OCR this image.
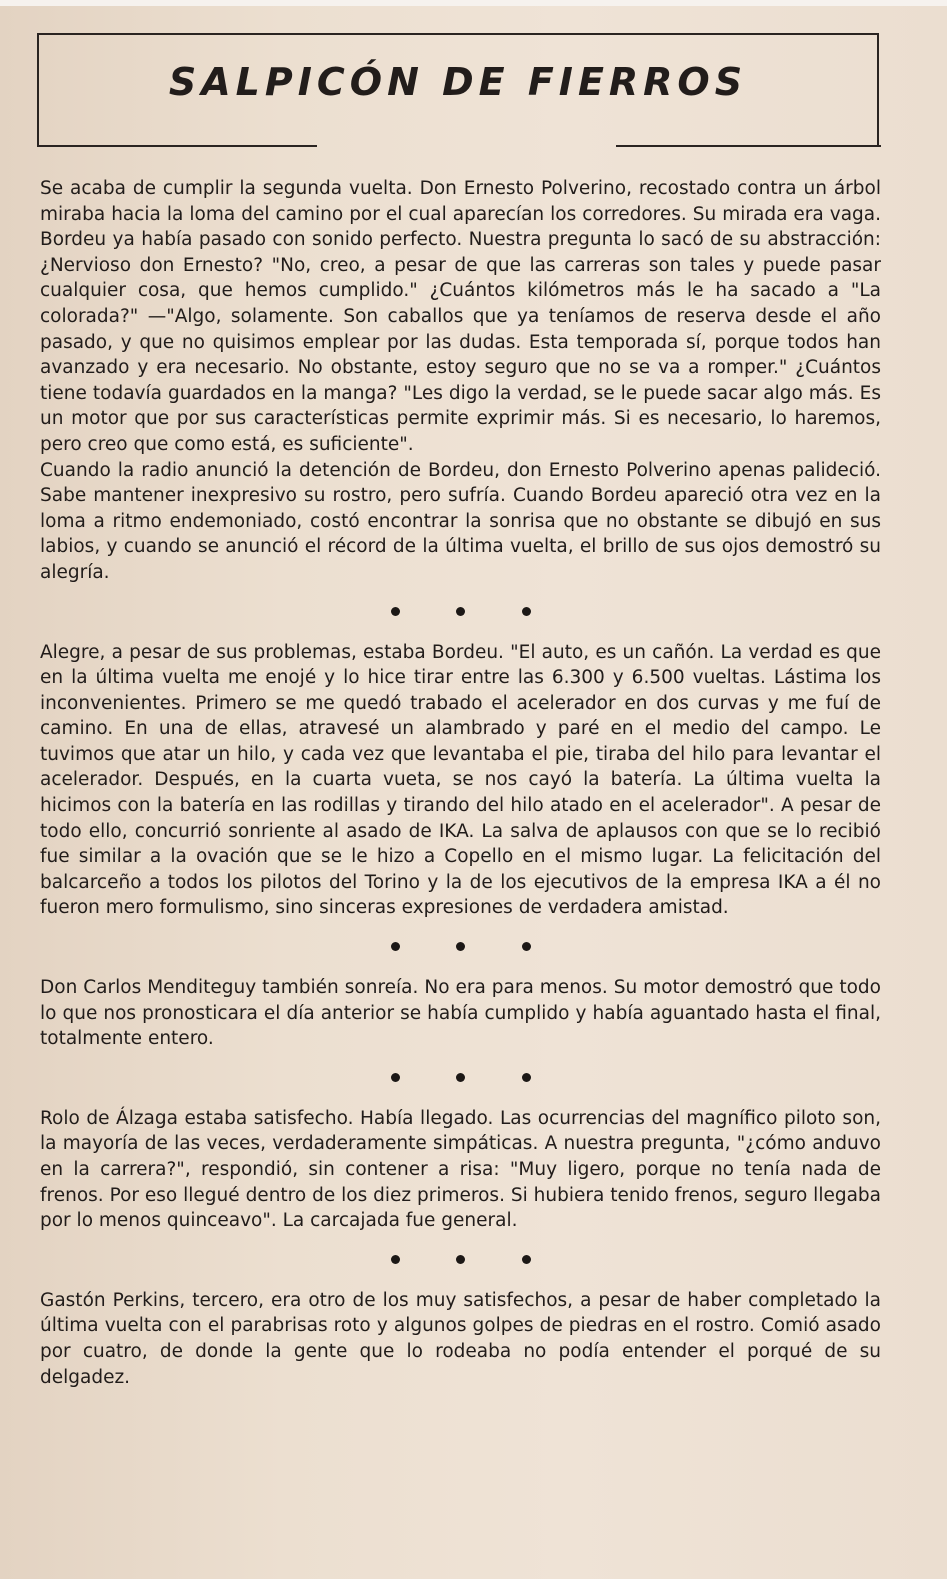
SALPICÓN DE FIERROS

Se acaba de cumplir la segunda vuelta. Don Ernesto Polverino, recostado contra un árbol miraba hacia la loma del camino por el cual aparecían los corredores. Su mirada era vaga. Bordeu ya había pasado con sonido perfecto. Nuestra pregunta lo sacó de su abstracción: ¿Nervioso don Ernesto? "No, creo, a pesar de que las carreras son tales y puede pasar cualquier cosa, que hemos cumplido." ¿Cuántos kilómetros más le ha sacado a "La colorada?" —"Algo, solamente. Son caballos que ya teníamos de reserva desde el año pasado, y que no quisimos emplear por las dudas. Esta temporada sí, porque todos han avanzado y era necesario. No obstante, estoy seguro que no se va a romper." ¿Cuántos tiene todavía guardados en la manga? "Les digo la verdad, se le puede sacar algo más. Es un motor que por sus características permite exprimir más. Si es necesario, lo haremos, pero creo que como está, es suficiente".

Cuando la radio anunció la detención de Bordeu, don Ernesto Polverino apenas palideció. Sabe mantener inexpresivo su rostro, pero sufría. Cuando Bordeu apareció otra vez en la loma a ritmo endemoniado, costó encontrar la sonrisa que no obstante se dibujó en sus labios, y cuando se anunció el récord de la última vuelta, el brillo de sus ojos demostró su alegría.

Alegre, a pesar de sus problemas, estaba Bordeu. "El auto, es un cañón. La verdad es que en la última vuelta me enojé y lo hice tirar entre las 6.300 y 6.500 vueltas. Lástima los inconvenientes. Primero se me quedó trabado el acelerador en dos curvas y me fuí de camino. En una de ellas, atravesé un alambrado y paré en el medio del campo. Le tuvimos que atar un hilo, y cada vez que levantaba el pie, tiraba del hilo para levantar el acelerador. Después, en la cuarta vueta, se nos cayó la batería. La última vuelta la hicimos con la batería en las rodillas y tirando del hilo atado en el acelerador". A pesar de todo ello, concurrió sonriente al asado de IKA. La salva de aplausos con que se lo recibió fue similar a la ovación que se le hizo a Copello en el mismo lugar. La felicitación del balcarceño a todos los pilotos del Torino y la de los ejecutivos de la empresa IKA a él no fueron mero formulismo, sino sinceras expresiones de verdadera amistad.

Don Carlos Menditeguy también sonreía. No era para menos. Su motor demostró que todo lo que nos pronosticara el día anterior se había cumplido y había aguantado hasta el final, totalmente entero.

Rolo de Álzaga estaba satisfecho. Había llegado. Las ocurrencias del magnífico piloto son, la mayoría de las veces, verdaderamente simpáticas. A nuestra pregunta, "¿cómo anduvo en la carrera?", respondió, sin contener a risa: "Muy ligero, porque no tenía nada de frenos. Por eso llegué dentro de los diez primeros. Si hubiera tenido frenos, seguro llegaba por lo menos quinceavo". La carcajada fue general.

Gastón Perkins, tercero, era otro de los muy satisfechos, a pesar de haber completado la última vuelta con el parabrisas roto y algunos golpes de piedras en el rostro. Comió asado por cuatro, de donde la gente que lo rodeaba no podía entender el porqué de su delgadez.
